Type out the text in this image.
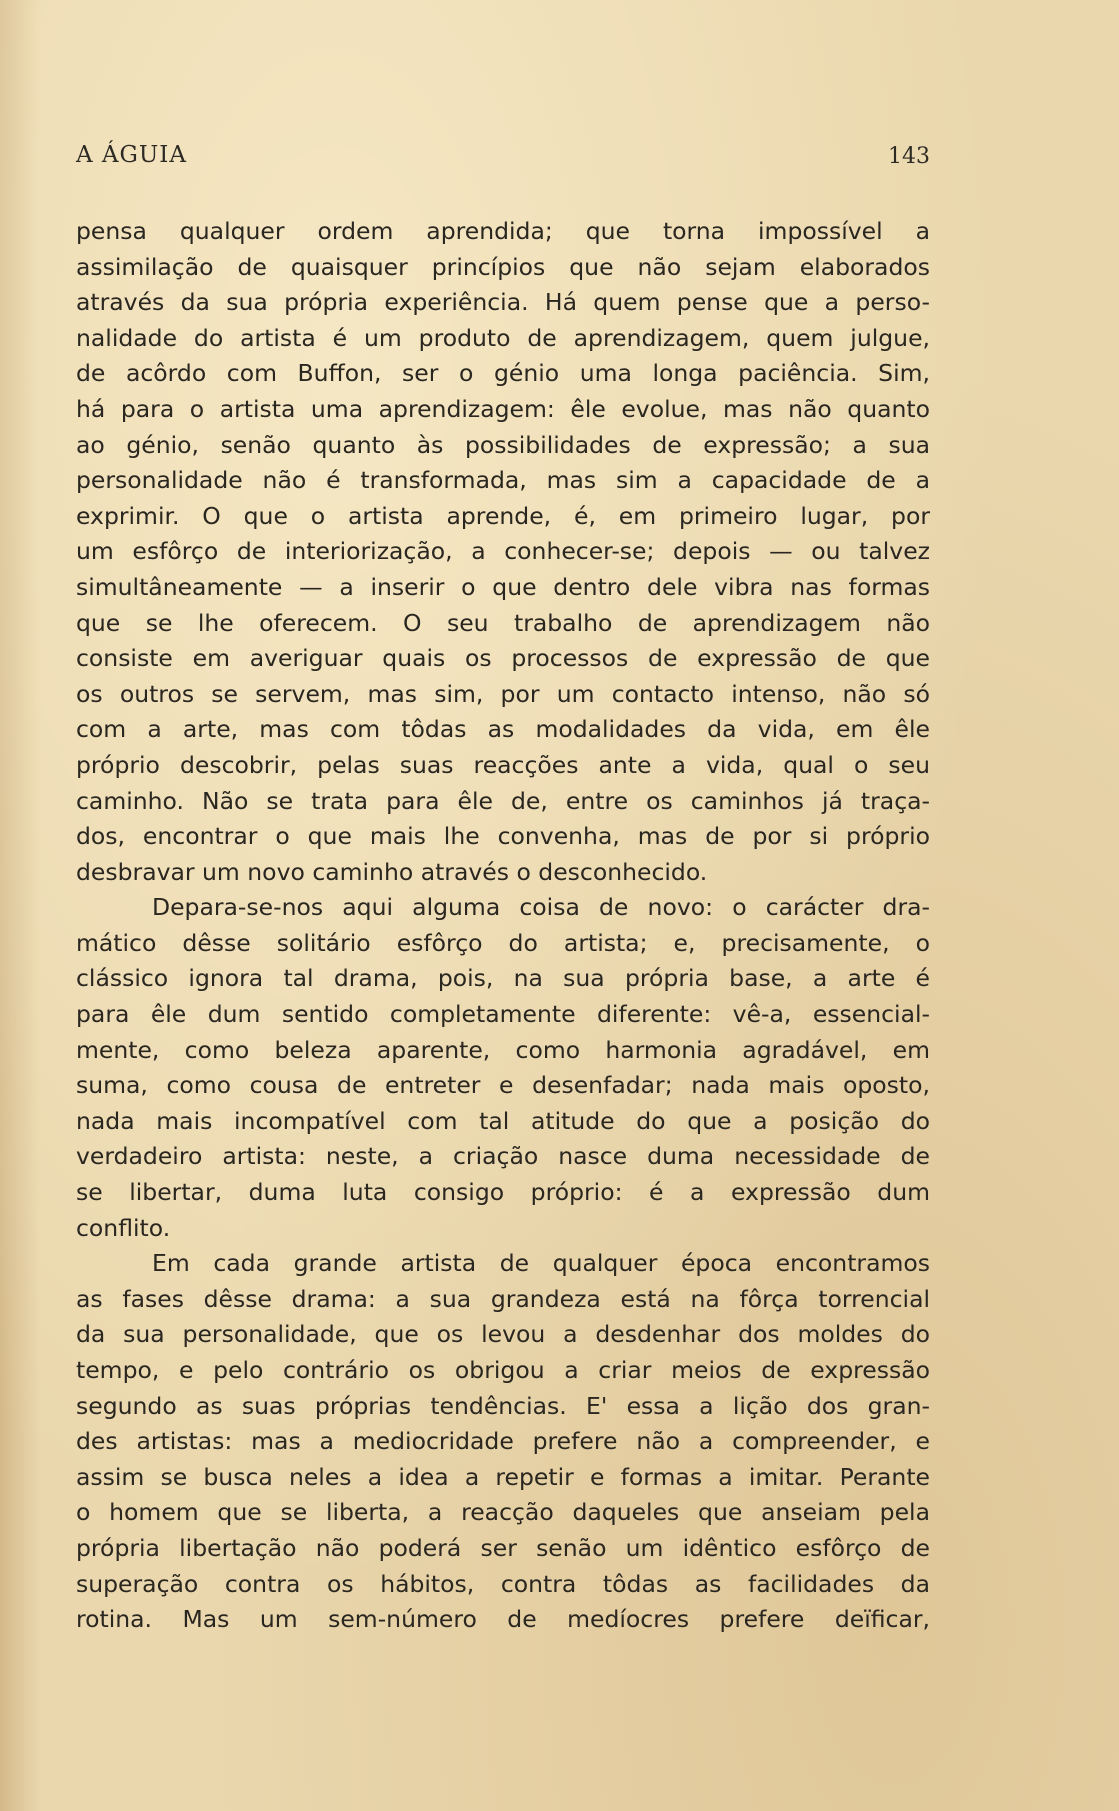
A ÁGUIA	143
pensa qualquer ordem aprendida; que torna impossível a
assimilação de quaisquer princípios que não sejam elaborados
através da sua própria experiência. Há quem pense que a perso-
nalidade do artista é um produto de aprendizagem, quem julgue,
de acôrdo com Buffon, ser o génio uma longa paciência. Sim,
há para o artista uma aprendizagem: êle evolue, mas não quanto
ao génio, senão quanto às possibilidades de expressão; a sua
personalidade não é transformada, mas sim a capacidade de a
exprimir. O que o artista aprende, é, em primeiro lugar, por
um esfôrço de interiorização, a conhecer-se; depois — ou talvez
simultâneamente — a inserir o que dentro dele vibra nas formas
que se lhe oferecem. O seu trabalho de aprendizagem não
consiste em averiguar quais os processos de expressão de que
os outros se servem, mas sim, por um contacto intenso, não só
com a arte, mas com tôdas as modalidades da vida, em êle
próprio descobrir, pelas suas reacções ante a vida, qual o seu
caminho. Não se trata para êle de, entre os caminhos já traça-
dos, encontrar o que mais lhe convenha, mas de por si próprio
desbravar um novo caminho através o desconhecido.
Depara-se-nos aqui alguma coisa de novo: o carácter dra-
mático dêsse solitário esfôrço do artista; e, precisamente, o
clássico ignora tal drama, pois, na sua própria base, a arte é
para êle dum sentido completamente diferente: vê-a, essencial-
mente, como beleza aparente, como harmonia agradável, em
suma, como cousa de entreter e desenfadar; nada mais oposto,
nada mais incompatível com tal atitude do que a posição do
verdadeiro artista: neste, a criação nasce duma necessidade de
se libertar, duma luta consigo próprio: é a expressão dum
conflito.
Em cada grande artista de qualquer época encontramos
as fases dêsse drama: a sua grandeza está na fôrça torrencial
da sua personalidade, que os levou a desdenhar dos moldes do
tempo, e pelo contrário os obrigou a criar meios de expressão
segundo as suas próprias tendências. E' essa a lição dos gran-
des artistas: mas a mediocridade prefere não a compreender, e
assim se busca neles a idea a repetir e formas a imitar. Perante
o homem que se liberta, a reacção daqueles que anseiam pela
própria libertação não poderá ser senão um idêntico esfôrço de
superação contra os hábitos, contra tôdas as facilidades da
rotina. Mas um sem-número de medíocres prefere deïficar,
